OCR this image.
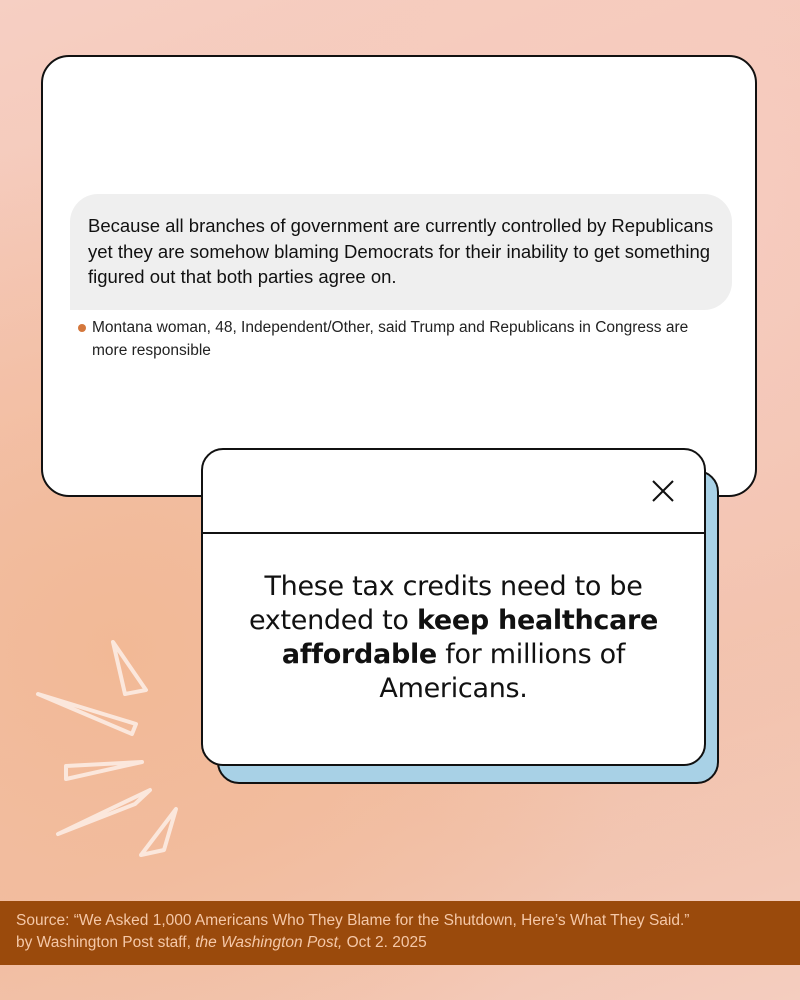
Because all branches of government are currently controlled by Republicans yet they are somehow blaming Democrats for their inability to get something figured out that both parties agree on.
Montana woman, 48, Independent/Other, said Trump and Republicans in Congress are more responsible
These tax credits need to be extended to keep healthcare affordable for millions of Americans.
Source: “We Asked 1,000 Americans Who They Blame for the Shutdown, Here’s What They Said.”
by Washington Post staff, the Washington Post, Oct 2. 2025
